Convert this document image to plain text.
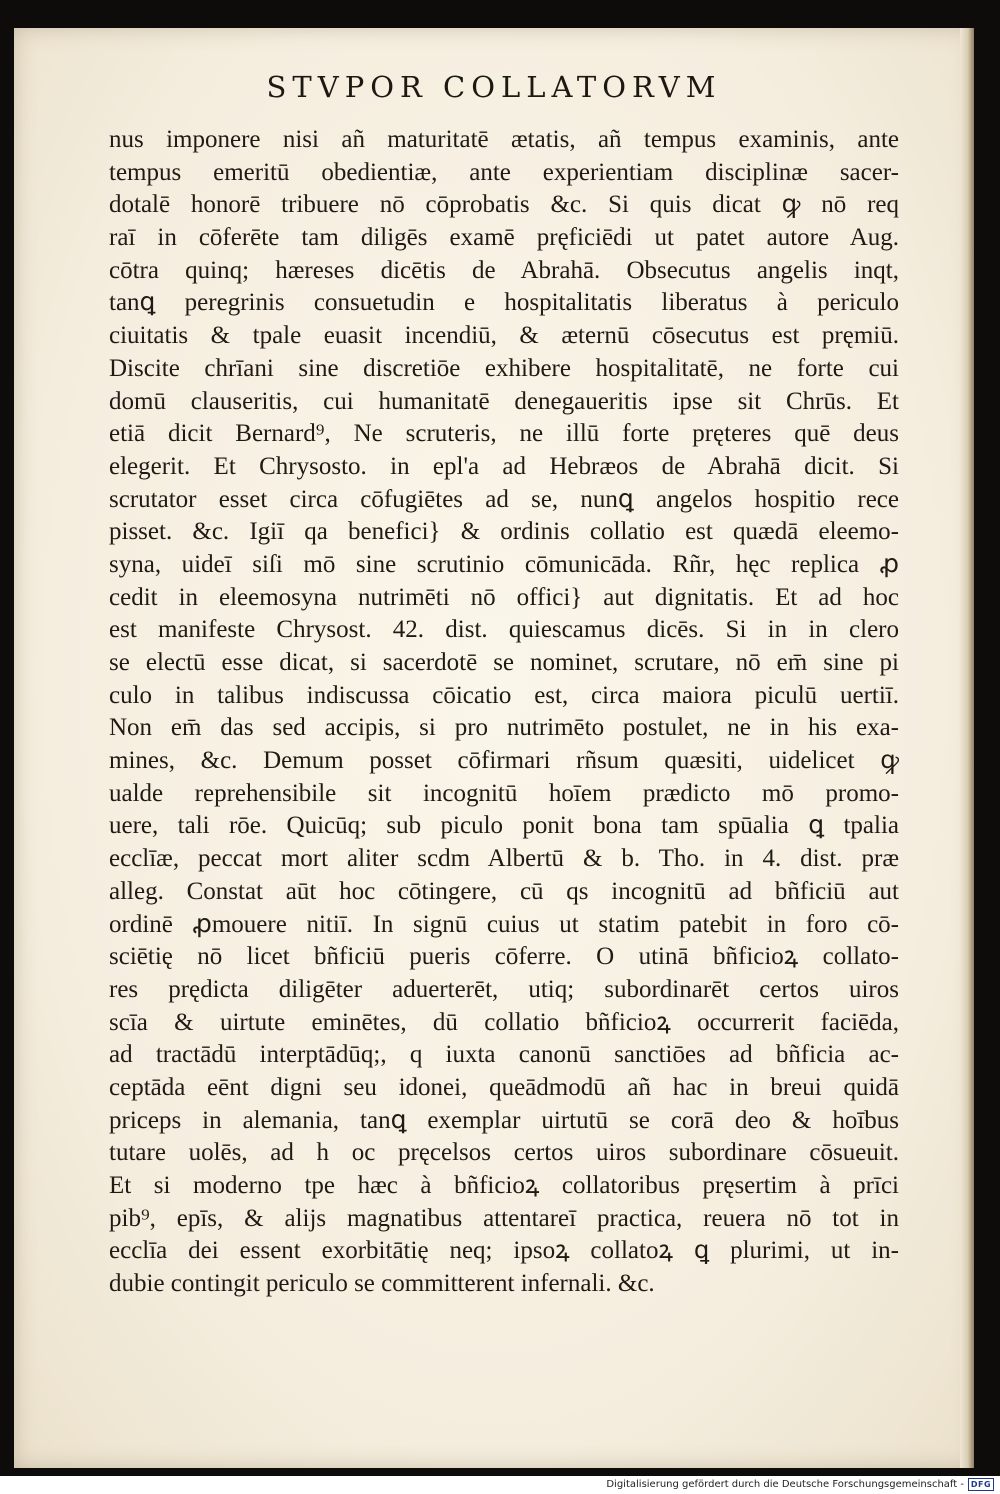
STVPOR COLLATORVM
nus imponere nisi añ maturitatē ætatis, añ tempus examinis, ante
tempus emeritū obedientiæ, ante experientiam disciplinæ sacer-
dotalē honorē tribuere nō cōprobatis &c. Si quis dicat ꝙ nō req
raī in cōferēte tam diligēs examē pręficiēdi ut patet autore Aug.
cōtra quinq; hæreses dicētis de Abrahā. Obsecutus angelis inqt,
tanꝗ peregrinis consuetudin e hospitalitatis liberatus à periculo
ciuitatis & tpale euasit incendiū, & æternū cōsecutus est pręmiū.
Discite chrīani sine discretiōe exhibere hospitalitatē, ne forte cui
domū clauseritis, cui humanitatē denegaueritis ipse sit Chrūs. Et
etiā dicit Bernard⁹, Ne scruteris, ne illū forte pręteres quē deus
elegerit. Et Chrysosto. in epl'a ad Hebræos de Abrahā dicit. Si
scrutator esset circa cōfugiētes ad se, nunꝗ angelos hospitio rece
pisset. &c. Igiī qa benefici} & ordinis collatio est quædā eleemo-
syna, uideī siſi mō sine scrutinio cōmunicāda. Rñr, hęc replica ꝓ
cedit in eleemosyna nutrimēti nō offici} aut dignitatis. Et ad hoc
est manifeste Chrysost. 42. dist. quiescamus dicēs. Si in in clero
se electū esse dicat, si sacerdotē se nominet, scrutare, nō em̄ sine pi
culo in talibus indiscussa cōicatio est, circa maiora piculū uertiī.
Non em̄ das sed accipis, si pro nutrimēto postulet, ne in his exa-
mines, &c. Demum posset cōfirmari rñsum quæsiti, uidelicet ꝙ
ualde reprehensibile sit incognitū hoīem prædicto mō promo-
uere, tali rōe. Quicūq; sub piculo ponit bona tam spūalia ꝗ tpalia
ecclīæ, peccat mort aliter scdm Albertū & b. Tho. in 4. dist. præ
alleg. Constat aūt hoc cōtingere, cū qs incognitū ad bñficiū aut
ordinē ꝓmouere nitiī. In signū cuius ut statim patebit in foro cō-
sciētię nō licet bñficiū pueris cōferre. O utinā bñficioꝝ collato-
res prędicta diligēter aduerterēt, utiq; subordinarēt certos uiros
scīa & uirtute eminētes, dū collatio bñficioꝝ occurrerit faciēda,
ad tractādū interptādūq;, q iuxta canonū sanctiōes ad bñficia ac-
ceptāda eēnt digni seu idonei, queādmodū añ hac in breui quidā
priceps in alemania, tanꝗ exemplar uirtutū se corā deo & hoībus
tutare uolēs, ad h oc pręcelsos certos uiros subordinare cōsueuit.
Et si moderno tpe hæc à bñficioꝝ collatoribus pręsertim à prīci
pib⁹, epīs, & alijs magnatibus attentareī practica, reuera nō tot in
ecclīa dei essent exorbitātię neq; ipsoꝝ collatoꝝ ꝗ plurimi, ut in-
dubie contingit periculo se committerent infernali. &c.
Digitalisierung gefördert durch die Deutsche Forschungsgemeinschaft - DFG
